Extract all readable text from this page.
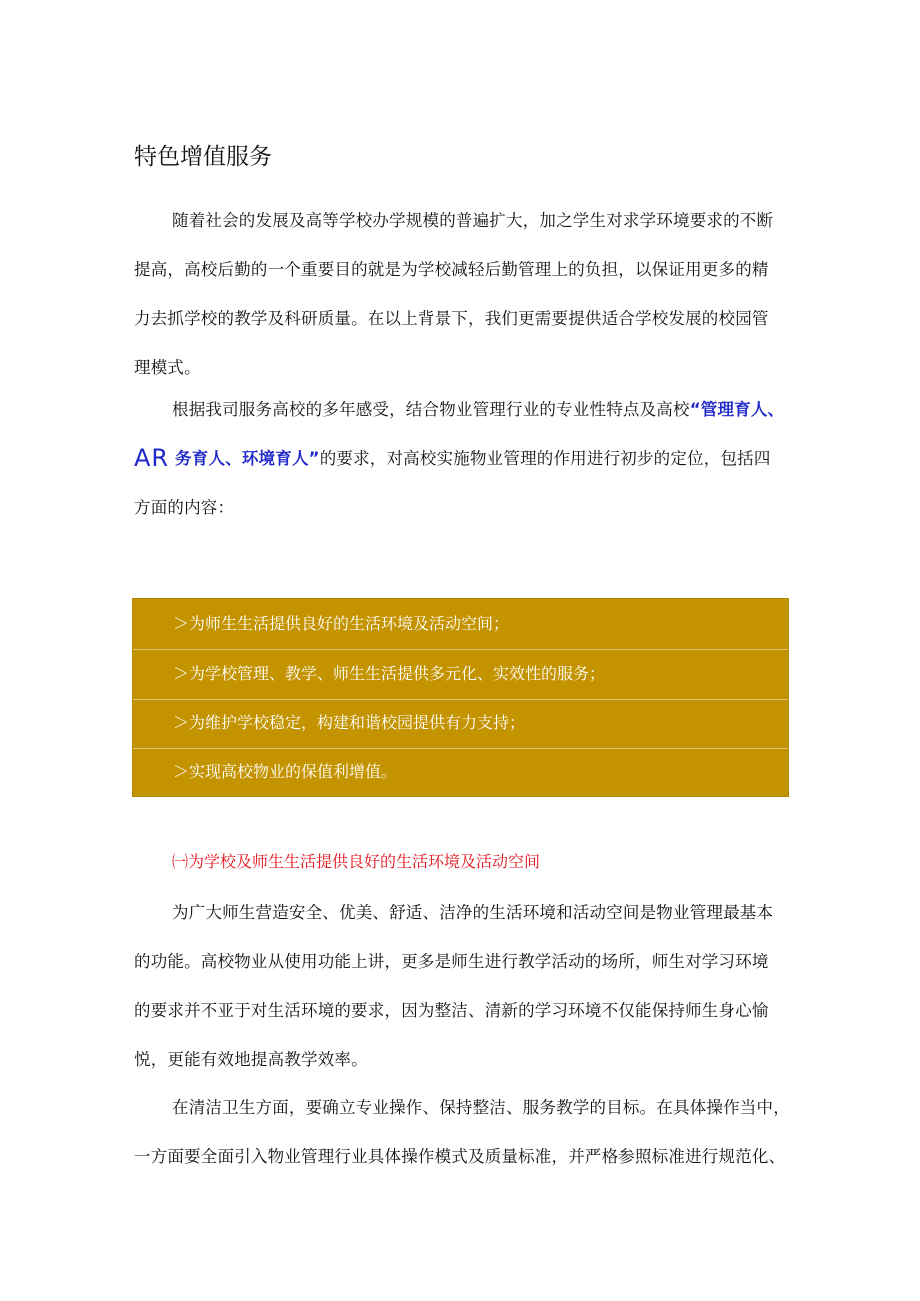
特色增值服务
随着社会的发展及高等学校办学规模的普遍扩大，加之学生对求学环境要求的不断
提高，高校后勤的一个重要目的就是为学校减轻后勤管理上的负担，以保证用更多的精
力去抓学校的教学及科研质量。在以上背景下，我们更需要提供适合学校发展的校园管
理模式。
根据我司服务高校的多年感受，结合物业管理行业的专业性特点及高校“管理育人、
AR 务育人、环境育人”的要求，对高校实施物业管理的作用进行初步的定位，包括四
方面的内容：
＞为师生生活提供良好的生活环境及活动空间；
＞为学校管理、教学、师生生活提供多元化、实效性的服务；
＞为维护学校稳定，构建和谐校园提供有力支持；
＞实现高校物业的保值利增值。
㈠为学校及师生生活提供良好的生活环境及活动空间
为广大师生营造安全、优美、舒适、洁净的生活环境和活动空间是物业管理最基本
的功能。高校物业从使用功能上讲，更多是师生进行教学活动的场所，师生对学习环境
的要求并不亚于对生活环境的要求，因为整洁、清新的学习环境不仅能保持师生身心愉
悦，更能有效地提高教学效率。
在清洁卫生方面，要确立专业操作、保持整洁、服务教学的目标。在具体操作当中，
一方面要全面引入物业管理行业具体操作模式及质量标准，并严格参照标准进行规范化、
